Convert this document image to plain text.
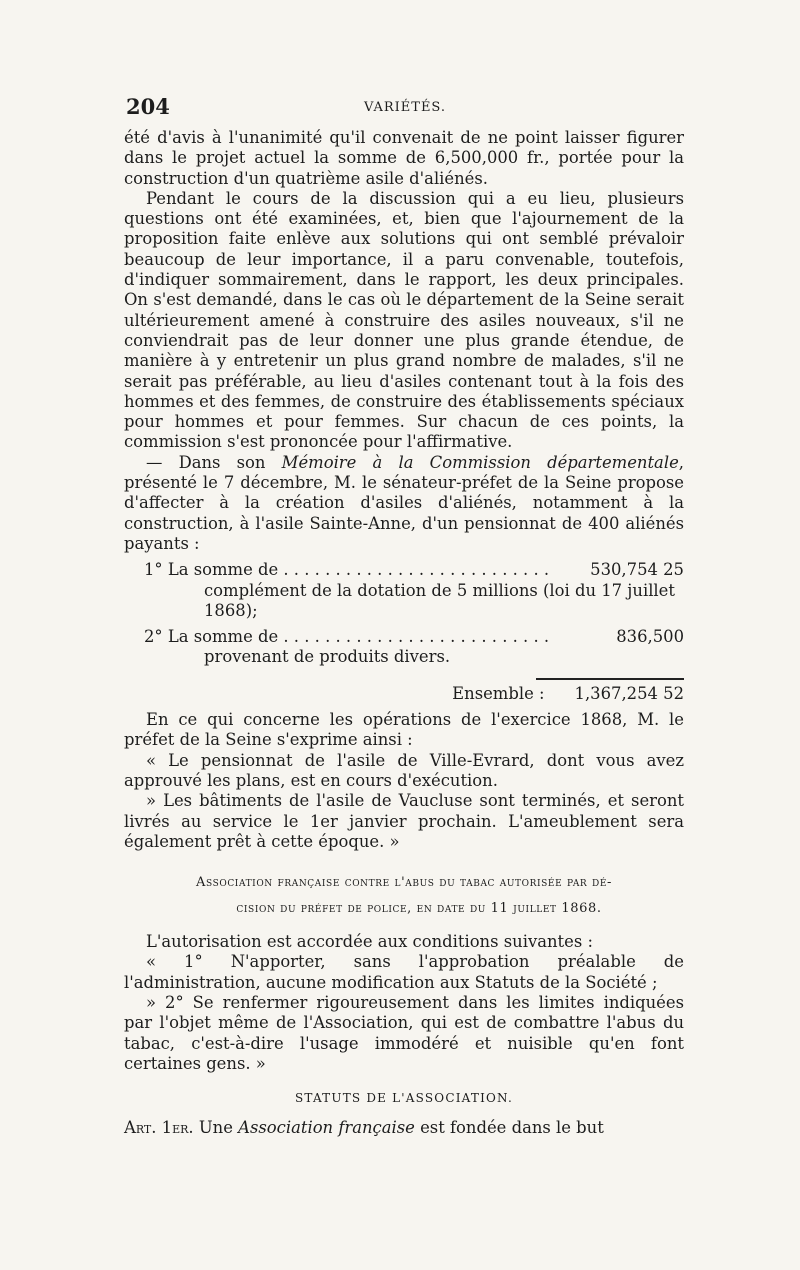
204	VARIÉTÉS.

été d'avis à l'unanimité qu'il convenait de ne point laisser figurer dans le projet actuel la somme de 6,500,000 fr., portée pour la construction d'un quatrième asile d'aliénés.

Pendant le cours de la discussion qui a eu lieu, plusieurs questions ont été examinées, et, bien que l'ajournement de la proposition faite enlève aux solutions qui ont semblé prévaloir beaucoup de leur importance, il a paru convenable, toutefois, d'indiquer sommairement, dans le rapport, les deux principales. On s'est demandé, dans le cas où le département de la Seine serait ultérieurement amené à construire des asiles nouveaux, s'il ne conviendrait pas de leur donner une plus grande étendue, de manière à y entretenir un plus grand nombre de malades, s'il ne serait pas préférable, au lieu d'asiles contenant tout à la fois des hommes et des femmes, de construire des établissements spéciaux pour hommes et pour femmes. Sur chacun de ces points, la commission s'est prononcée pour l'affirmative.

— Dans son Mémoire à la Commission départementale, présenté le 7 décembre, M. le sénateur-préfet de la Seine propose d'affecter à la création d'asiles d'aliénés, notamment à la construction, à l'asile Sainte-Anne, d'un pensionnat de 400 aliénés payants :

1° La somme de . . .	530,754 25
complément de la dotation de 5 millions (loi du 17 juillet 1868);
2° La somme de . . .	836,500
provenant de produits divers.
Ensemble : 1,367,254 52

En ce qui concerne les opérations de l'exercice 1868, M. le préfet de la Seine s'exprime ainsi :

« Le pensionnat de l'asile de Ville-Evrard, dont vous avez approuvé les plans, est en cours d'exécution.

» Les bâtiments de l'asile de Vaucluse sont terminés, et seront livrés au service le 1er janvier prochain. L'ameublement sera également prêt à cette époque. »

Association française contre l'abus du tabac autorisée par dé-
cision du préfet de police, en date du 11 juillet 1868.

L'autorisation est accordée aux conditions suivantes :

« 1° N'apporter, sans l'approbation préalable de l'administration, aucune modification aux Statuts de la Société ;

» 2° Se renfermer rigoureusement dans les limites indiquées par l'objet même de l'Association, qui est de combattre l'abus du tabac, c'est-à-dire l'usage immodéré et nuisible qu'en font certaines gens. »

STATUTS DE L'ASSOCIATION.

Art. 1er. Une Association française est fondée dans le but
